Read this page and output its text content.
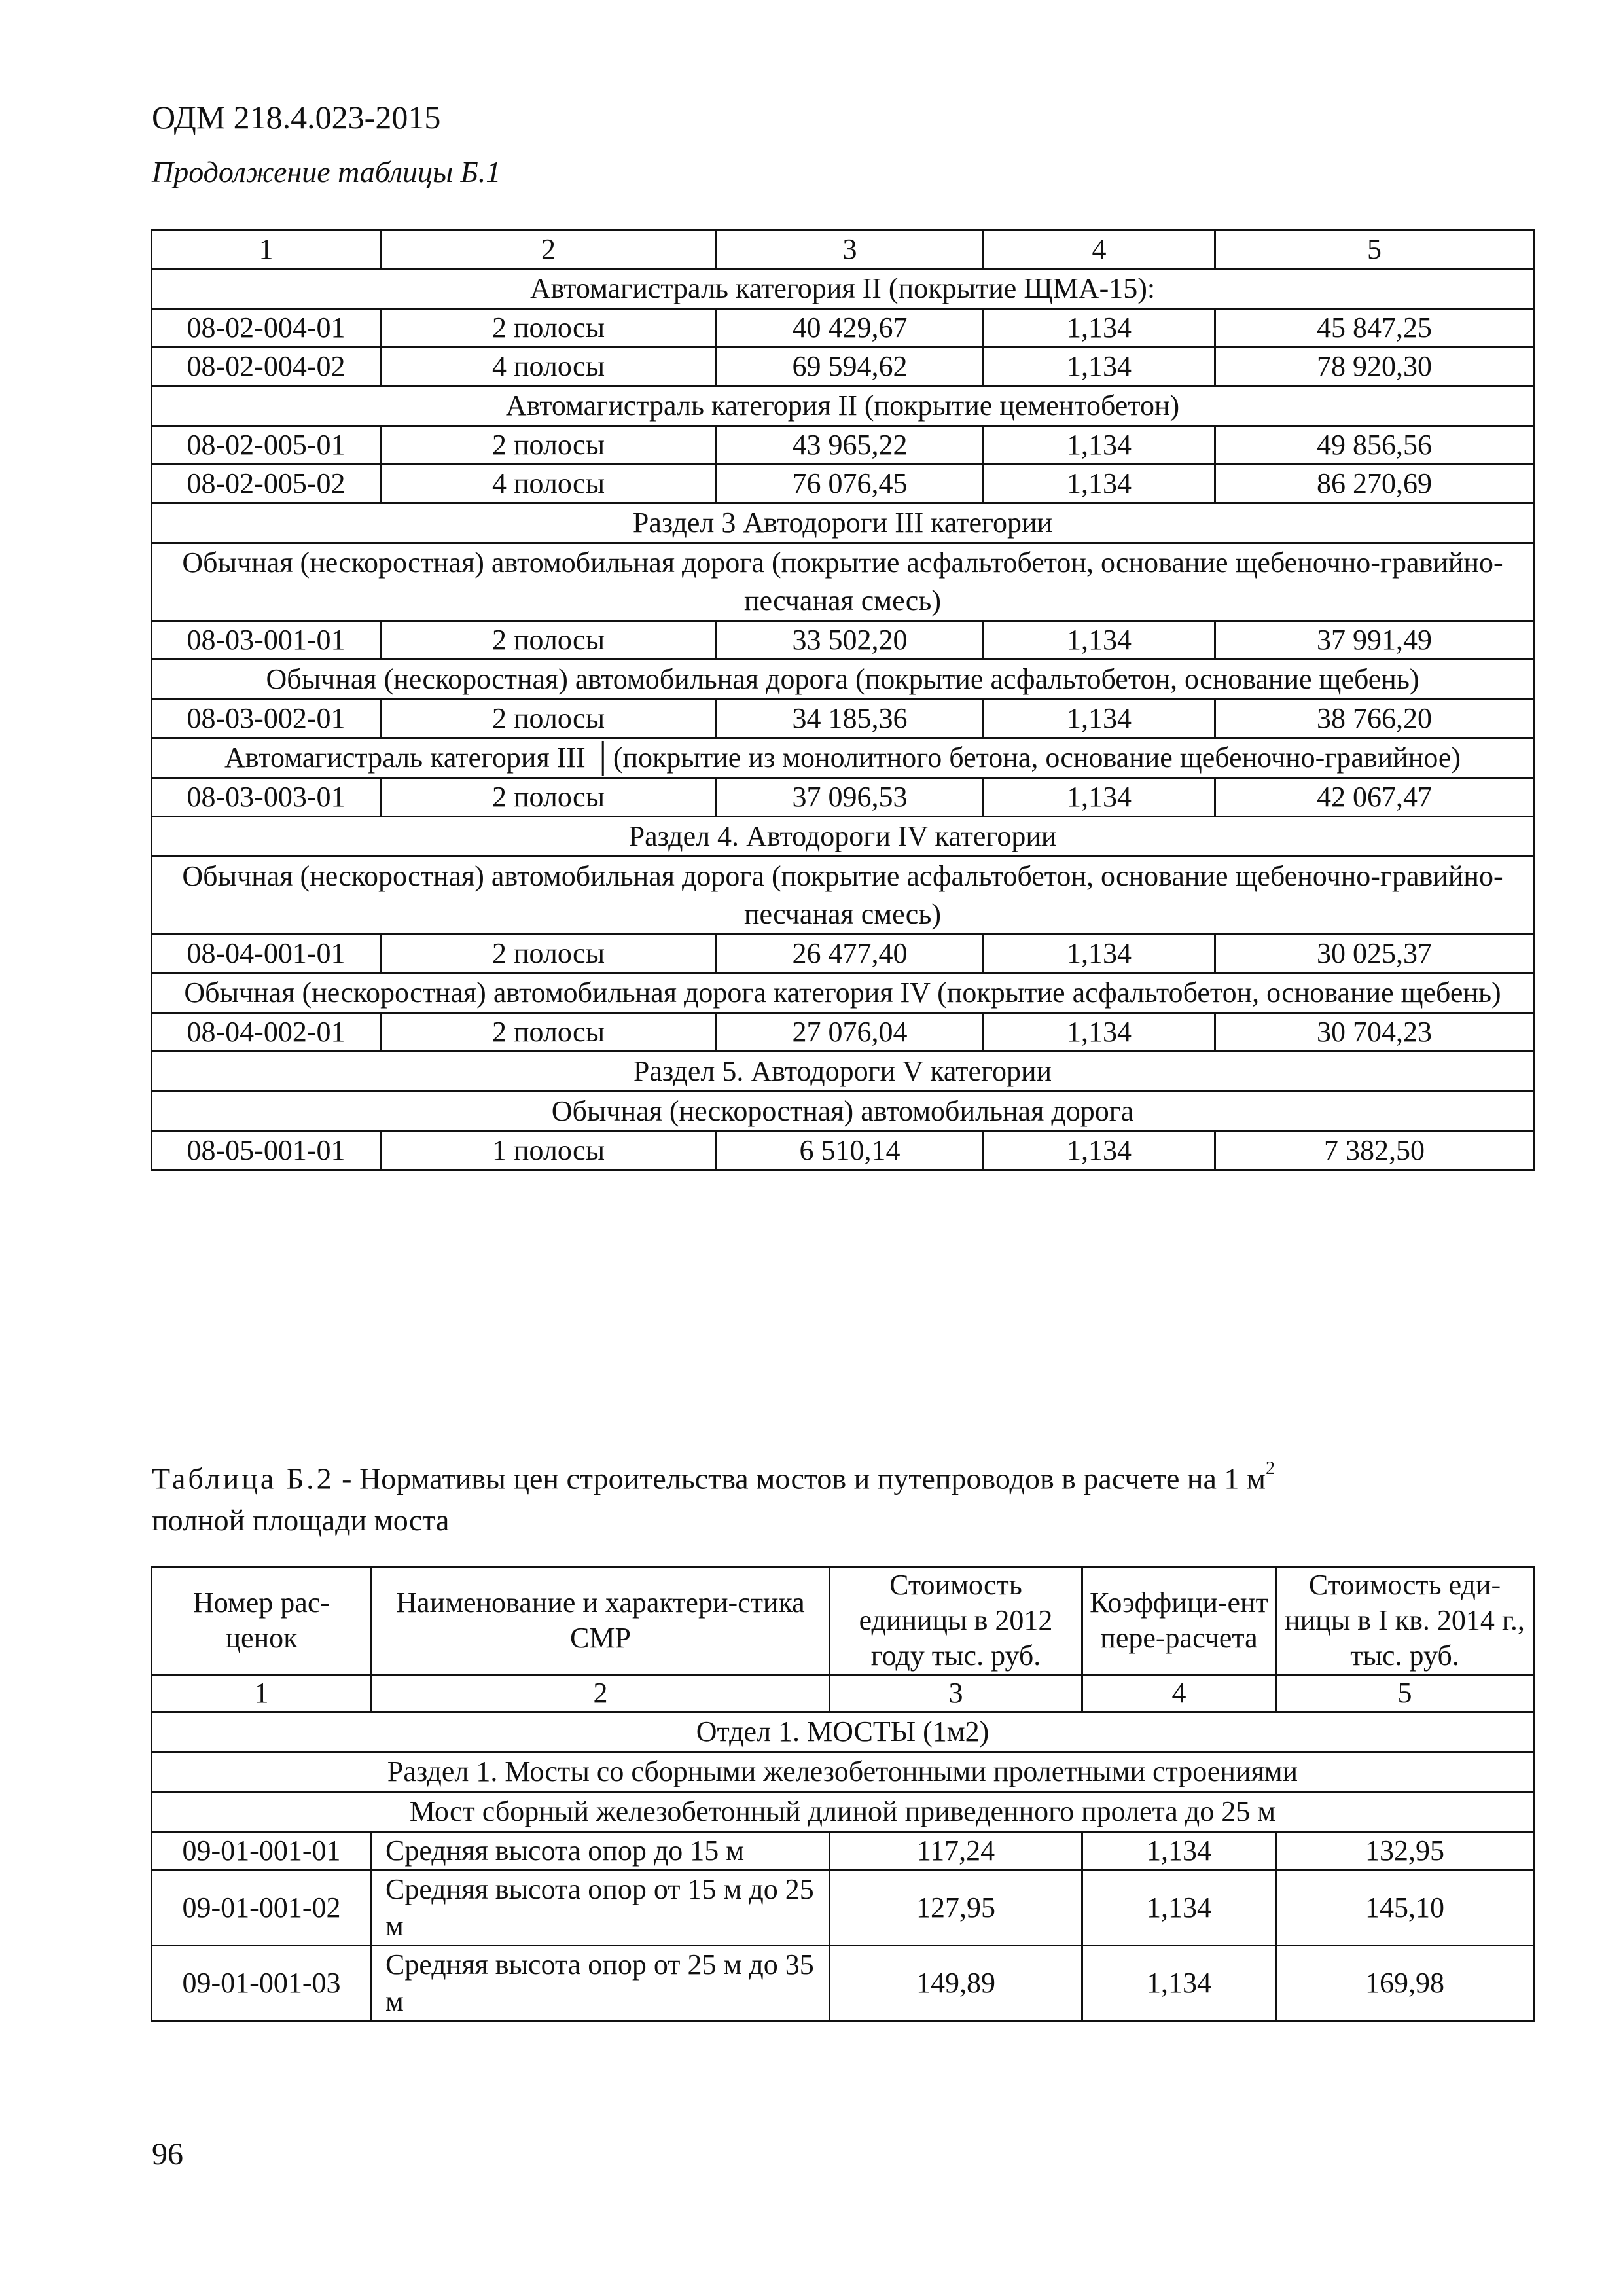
ОДМ 218.4.023-2015
Продолжение таблицы Б.1
1	2	3	4	5
Автомагистраль категория II (покрытие ЩМА-15):				
08-02-004-01	2 полосы	40 429,67	1,134	45 847,25
08-02-004-02	4 полосы	69 594,62	1,134	78 920,30
Автомагистраль категория II (покрытие цементобетон)				
08-02-005-01	2 полосы	43 965,22	1,134	49 856,56
08-02-005-02	4 полосы	76 076,45	1,134	86 270,69
Раздел 3 Автодороги III категории				
Обычная (нескоростная) автомобильная дорога (покрытие асфальтобетон, основание щебеночно-гравийно-песчаная смесь)				
08-03-001-01	2 полосы	33 502,20	1,134	37 991,49
Обычная (нескоростная) автомобильная дорога (покрытие асфальтобетон, основание щебень)				
08-03-002-01	2 полосы	34 185,36	1,134	38 766,20
Автомагистраль категория III │(покрытие из монолитного бетона, основание щебеночно-гравийное)				
08-03-003-01	2 полосы	37 096,53	1,134	42 067,47
Раздел 4. Автодороги IV категории				
Обычная (нескоростная) автомобильная дорога (покрытие асфальтобетон, основание щебеночно-гравийно-песчаная смесь)				
08-04-001-01	2 полосы	26 477,40	1,134	30 025,37
Обычная (нескоростная) автомобильная дорога категория IV (покрытие асфальтобетон, основание щебень)				
08-04-002-01	2 полосы	27 076,04	1,134	30 704,23
Раздел 5. Автодороги V категории				
Обычная (нескоростная) автомобильная дорога				
08-05-001-01	1 полосы	6 510,14	1,134	7 382,50
Таблица Б.2 - Нормативы цен строительства мостов и путепроводов в расчете на 1 $м^2$
полной площади моста
Номер рас-ценок	Наименование и характери-стика СМР	Стоимость единицы в 2012 году тыс. руб.	Коэффици-ент пере-расчета	Стоимость еди-ницы в I кв. 2014 г., тыс. руб.
1	2	3	4	5
Отдел 1. МОСТЫ (1м2)				
Раздел 1. Мосты со сборными железобетонными пролетными строениями				
Мост сборный железобетонный длиной приведенного пролета до 25 м				
09-01-001-01	Средняя высота опор до 15 м	117,24	1,134	132,95
09-01-001-02	Средняя высота опор от 15 м до 25 м	127,95	1,134	145,10
09-01-001-03	Средняя высота опор от 25 м до 35 м	149,89	1,134	169,98
96
